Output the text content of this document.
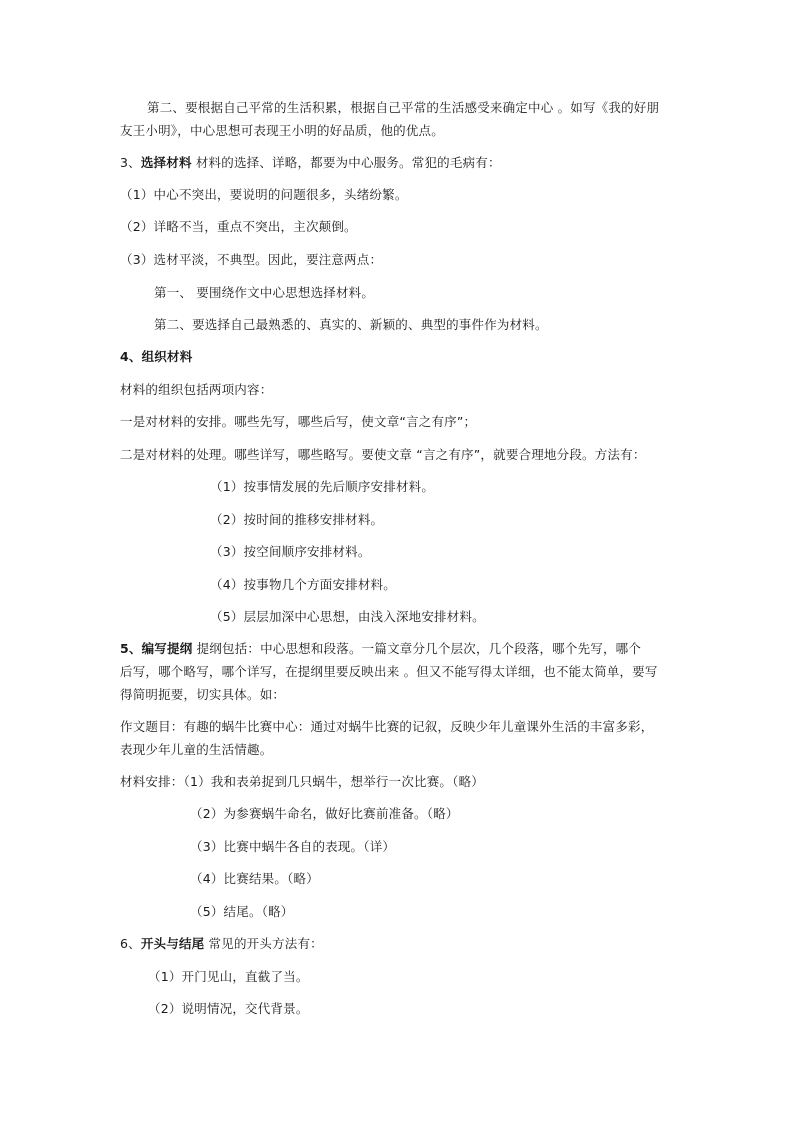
第二、要根据自己平常的生活积累，根据自己平常的生活感受来确定中心 。如写《我的好朋
友王小明》，中心思想可表现王小明的好品质，他的优点。
3、选择材料 材料的选择、详略，都要为中心服务。常犯的毛病有：
（1）中心不突出，要说明的问题很多，头绪纷繁。
（2）详略不当，重点不突出，主次颠倒。
（3）选材平淡，不典型。因此，要注意两点：
第一、 要围绕作文中心思想选择材料。
第二、要选择自己最熟悉的、真实的、新颖的、典型的事件作为材料。
4、组织材料
材料的组织包括两项内容：
一是对材料的安排。哪些先写，哪些后写，使文章“言之有序”；
二是对材料的处理。哪些详写，哪些略写。要使文章 “言之有序”，就要合理地分段。方法有：
（1）按事情发展的先后顺序安排材料。
（2）按时间的推移安排材料。
（3）按空间顺序安排材料。
（4）按事物几个方面安排材料。
（5）层层加深中心思想，由浅入深地安排材料。
5、编写提纲 提纲包括：中心思想和段落。一篇文章分几个层次，几个段落，哪个先写，哪个
后写，哪个略写，哪个详写，在提纲里要反映出来 。但又不能写得太详细，也不能太简单，要写
得简明扼要，切实具体。如：
作文题目：有趣的蜗牛比赛中心：通过对蜗牛比赛的记叙，反映少年儿童课外生活的丰富多彩，
表现少年儿童的生活情趣。
材料安排：（1）我和表弟捉到几只蜗牛，想举行一次比赛。（略）
（2）为参赛蜗牛命名，做好比赛前准备。（略）
（3）比赛中蜗牛各自的表现。（详）
（4）比赛结果。（略）
（5）结尾。（略）
6、开头与结尾 常见的开头方法有：
（1）开门见山，直截了当。
（2）说明情况，交代背景。
